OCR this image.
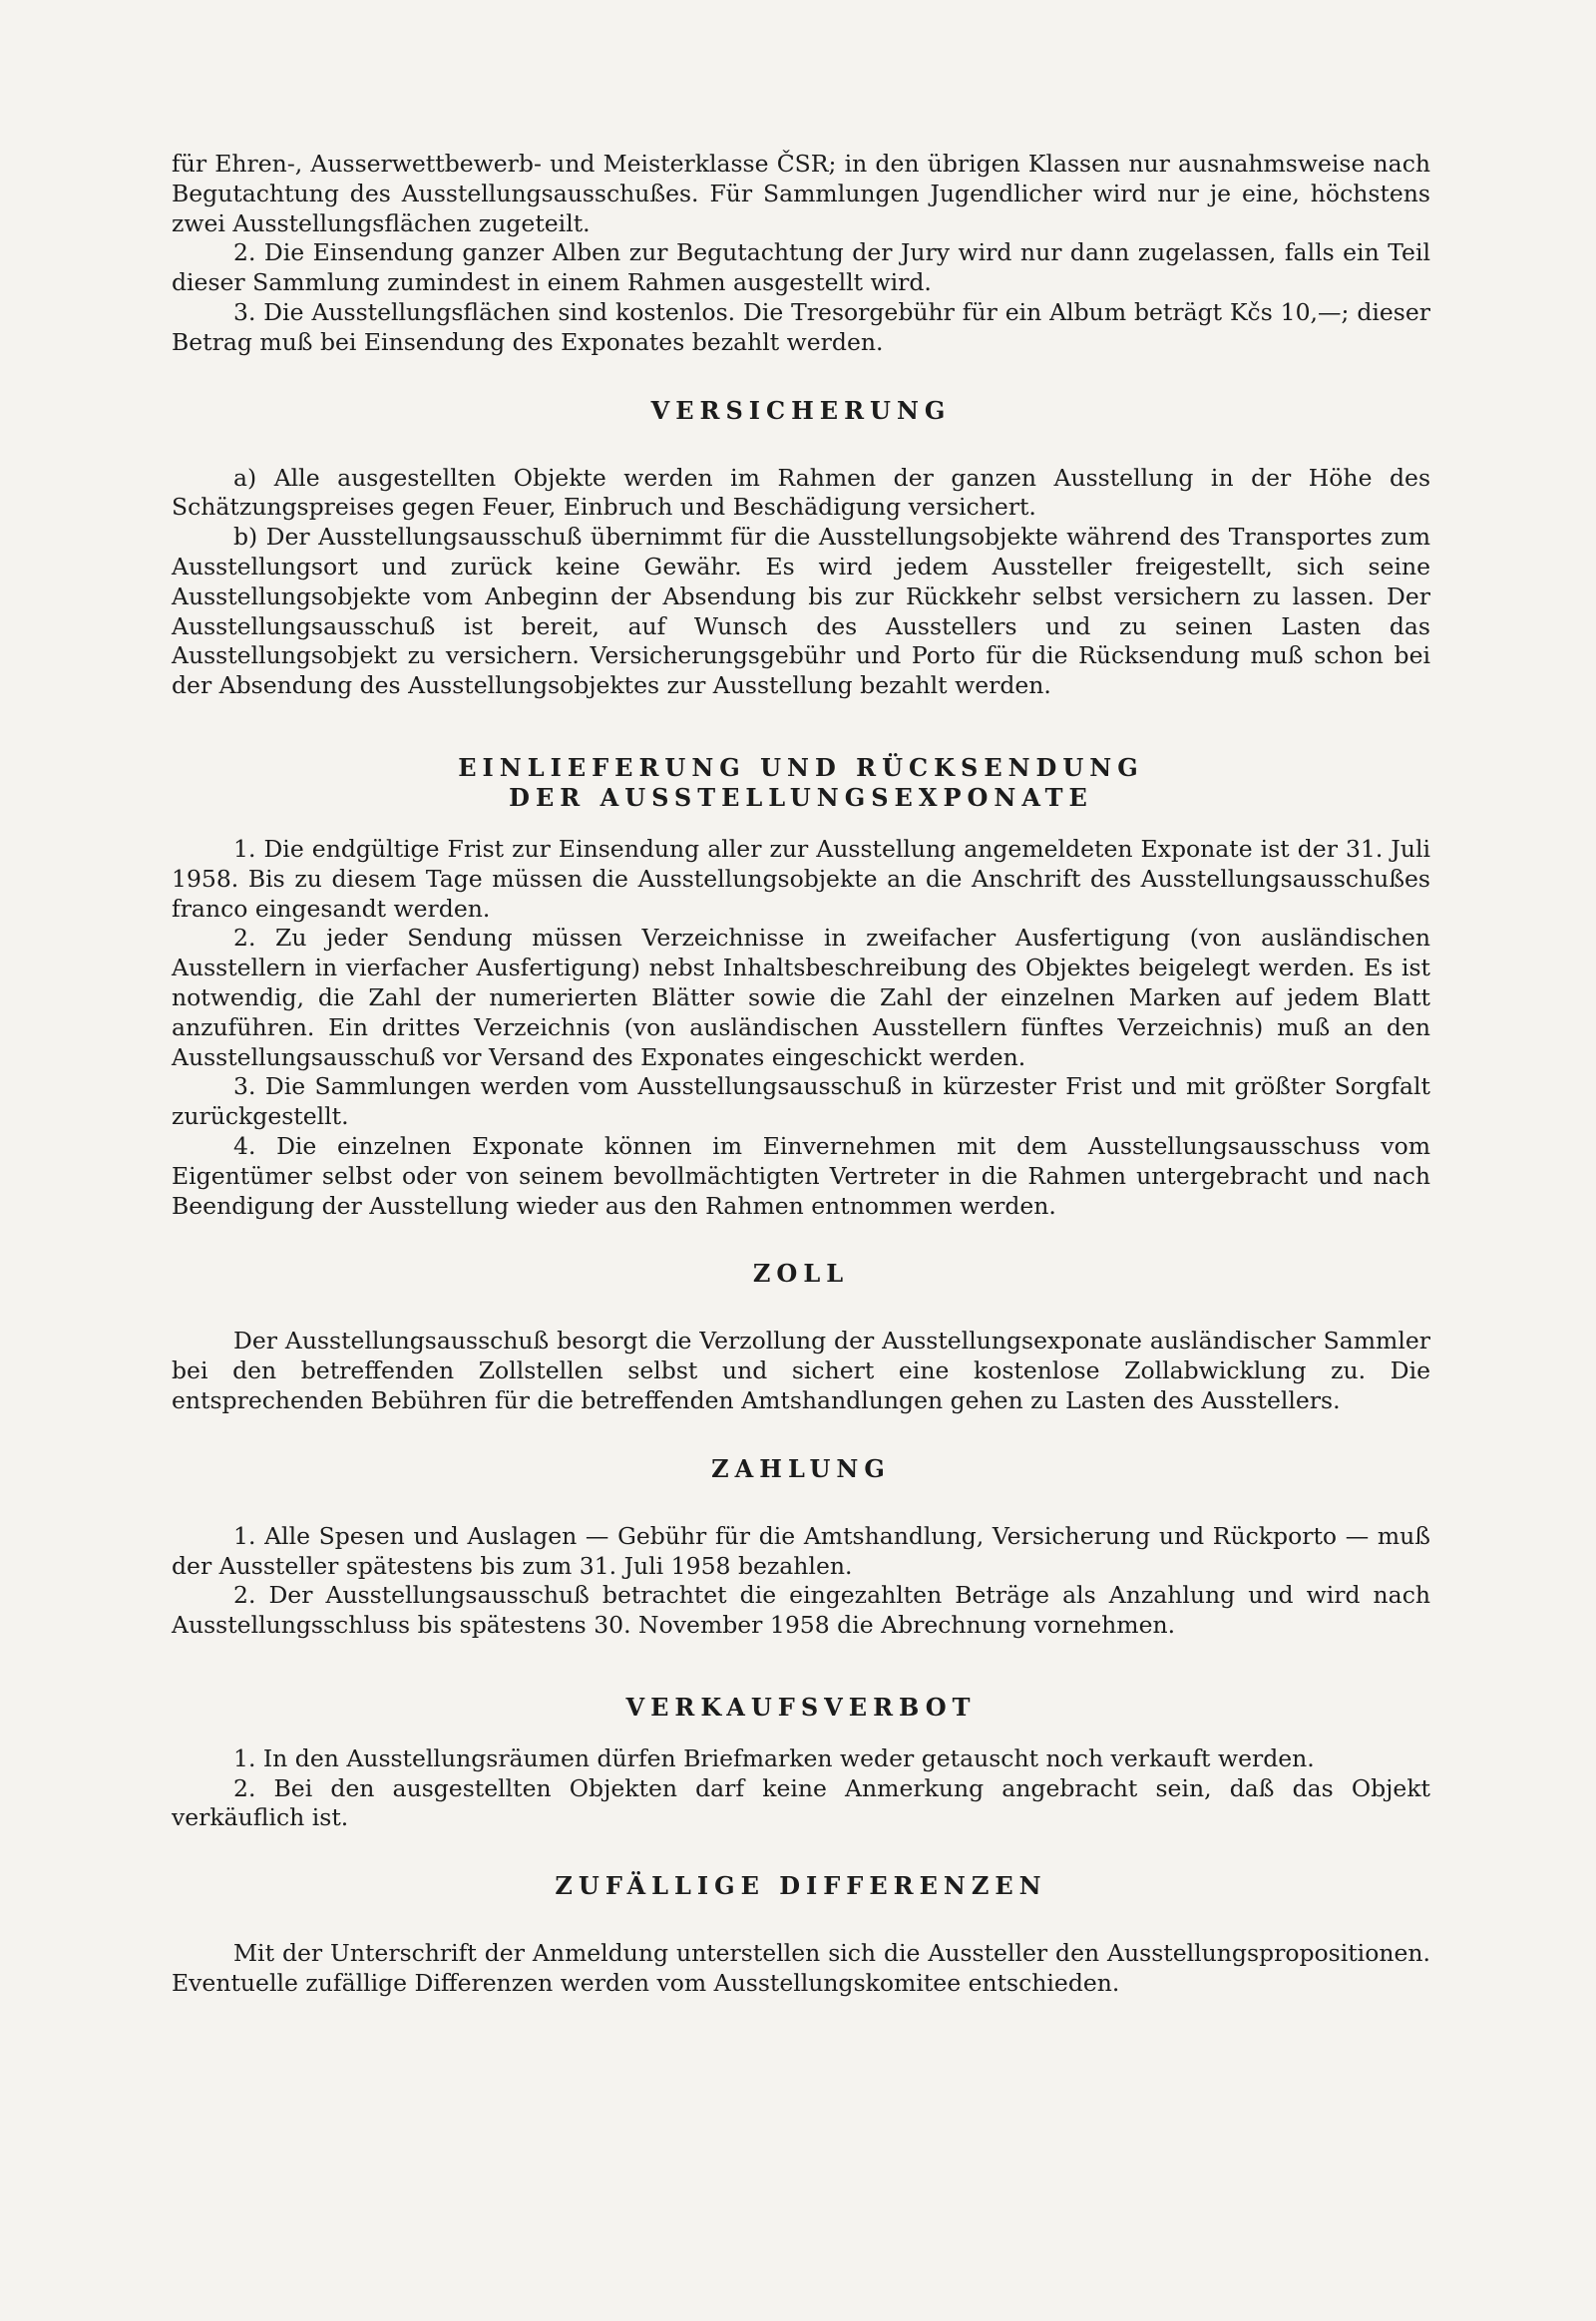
für Ehren-, Ausserwettbewerb- und Meisterklasse ČSR; in den übrigen Klassen nur ausnahmsweise nach Begutachtung des Ausstellungsausschußes. Für Sammlungen Jugendlicher wird nur je eine, höchstens zwei Ausstellungsflächen zugeteilt.

2. Die Einsendung ganzer Alben zur Begutachtung der Jury wird nur dann zugelassen, falls ein Teil dieser Sammlung zumindest in einem Rahmen ausgestellt wird.

3. Die Ausstellungsflächen sind kostenlos. Die Tresorgebühr für ein Album beträgt Kčs 10,—; dieser Betrag muß bei Einsendung des Exponates bezahlt werden.

VERSICHERUNG

a) Alle ausgestellten Objekte werden im Rahmen der ganzen Ausstellung in der Höhe des Schätzungspreises gegen Feuer, Einbruch und Beschädigung versichert.

b) Der Ausstellungsausschuß übernimmt für die Ausstellungsobjekte während des Transportes zum Ausstellungsort und zurück keine Gewähr. Es wird jedem Aussteller freigestellt, sich seine Ausstellungsobjekte vom Anbeginn der Absendung bis zur Rückkehr selbst versichern zu lassen. Der Ausstellungsausschuß ist bereit, auf Wunsch des Ausstellers und zu seinen Lasten das Ausstellungsobjekt zu versichern. Versicherungsgebühr und Porto für die Rücksendung muß schon bei der Absendung des Ausstellungsobjektes zur Ausstellung bezahlt werden.

EINLIEFERUNG UND RÜCKSENDUNG
DER AUSSTELLUNGSEXPONATE

1. Die endgültige Frist zur Einsendung aller zur Ausstellung angemeldeten Exponate ist der 31. Juli 1958. Bis zu diesem Tage müssen die Ausstellungsobjekte an die Anschrift des Ausstellungsausschußes franco eingesandt werden.

2. Zu jeder Sendung müssen Verzeichnisse in zweifacher Ausfertigung (von ausländischen Ausstellern in vierfacher Ausfertigung) nebst Inhaltsbeschreibung des Objektes beigelegt werden. Es ist notwendig, die Zahl der numerierten Blätter sowie die Zahl der einzelnen Marken auf jedem Blatt anzuführen. Ein drittes Verzeichnis (von ausländischen Ausstellern fünftes Verzeichnis) muß an den Ausstellungsausschuß vor Versand des Exponates eingeschickt werden.

3. Die Sammlungen werden vom Ausstellungsausschuß in kürzester Frist und mit größter Sorgfalt zurückgestellt.

4. Die einzelnen Exponate können im Einvernehmen mit dem Ausstellungsausschuss vom Eigentümer selbst oder von seinem bevollmächtigten Vertreter in die Rahmen untergebracht und nach Beendigung der Ausstellung wieder aus den Rahmen entnommen werden.

ZOLL

Der Ausstellungsausschuß besorgt die Verzollung der Ausstellungsexponate ausländischer Sammler bei den betreffenden Zollstellen selbst und sichert eine kostenlose Zollabwicklung zu. Die entsprechenden Bebühren für die betreffenden Amtshandlungen gehen zu Lasten des Ausstellers.

ZAHLUNG

1. Alle Spesen und Auslagen — Gebühr für die Amtshandlung, Versicherung und Rückporto — muß der Aussteller spätestens bis zum 31. Juli 1958 bezahlen.

2. Der Ausstellungsausschuß betrachtet die eingezahlten Beträge als Anzahlung und wird nach Ausstellungsschluss bis spätestens 30. November 1958 die Abrechnung vornehmen.

VERKAUFSVERBOT

1. In den Ausstellungsräumen dürfen Briefmarken weder getauscht noch verkauft werden.

2. Bei den ausgestellten Objekten darf keine Anmerkung angebracht sein, daß das Objekt verkäuflich ist.

ZUFÄLLIGE DIFFERENZEN

Mit der Unterschrift der Anmeldung unterstellen sich die Aussteller den Ausstellungspropositionen. Eventuelle zufällige Differenzen werden vom Ausstellungskomitee entschieden.
